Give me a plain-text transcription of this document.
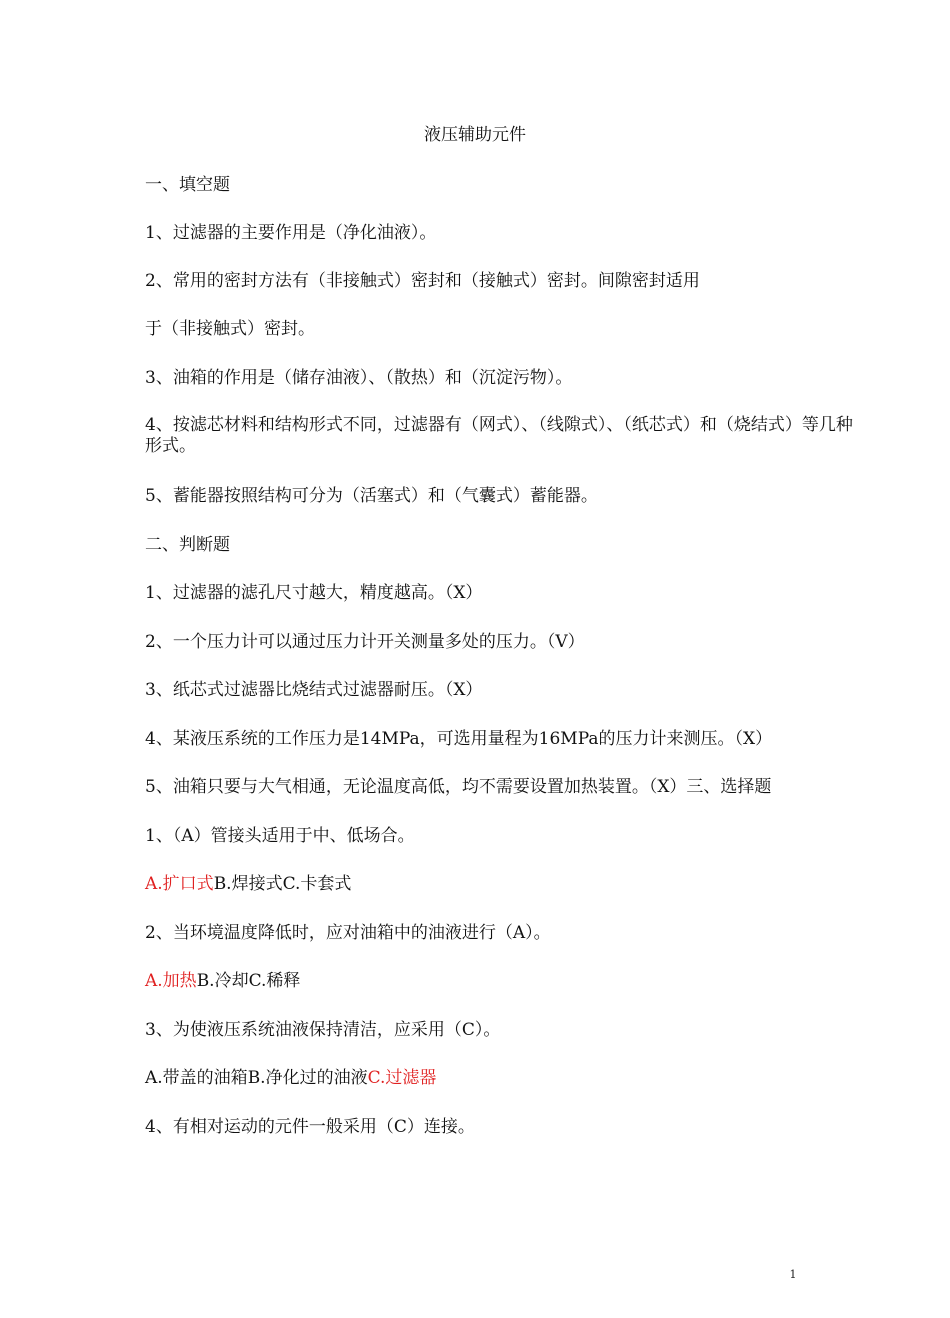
液压辅助元件
一、填空题
1、过滤器的主要作用是（净化油液）。
2、常用的密封方法有（非接触式）密封和（接触式）密封。间隙密封适用
于（非接触式）密封。
3、油箱的作用是（储存油液）、（散热）和（沉淀污物）。
4、按滤芯材料和结构形式不同，过滤器有（网式）、（线隙式）、（纸芯式）和（烧结式）等几种形式。
5、蓄能器按照结构可分为（活塞式）和（气囊式）蓄能器。
二、判断题
1、过滤器的滤孔尺寸越大，精度越高。（X）
2、一个压力计可以通过压力计开关测量多处的压力。（V）
3、纸芯式过滤器比烧结式过滤器耐压。（X）
4、某液压系统的工作压力是14MPa，可选用量程为16MPa的压力计来测压。（X）
5、油箱只要与大气相通，无论温度高低，均不需要设置加热装置。（X）三、选择题
1、（A）管接头适用于中、低场合。
A.扩口式B.焊接式C.卡套式
2、当环境温度降低时，应对油箱中的油液进行（A）。
A.加热B.冷却C.稀释
3、为使液压系统油液保持清洁，应采用（C）。
A.带盖的油箱B.净化过的油液C.过滤器
4、有相对运动的元件一般采用（C）连接。
1
